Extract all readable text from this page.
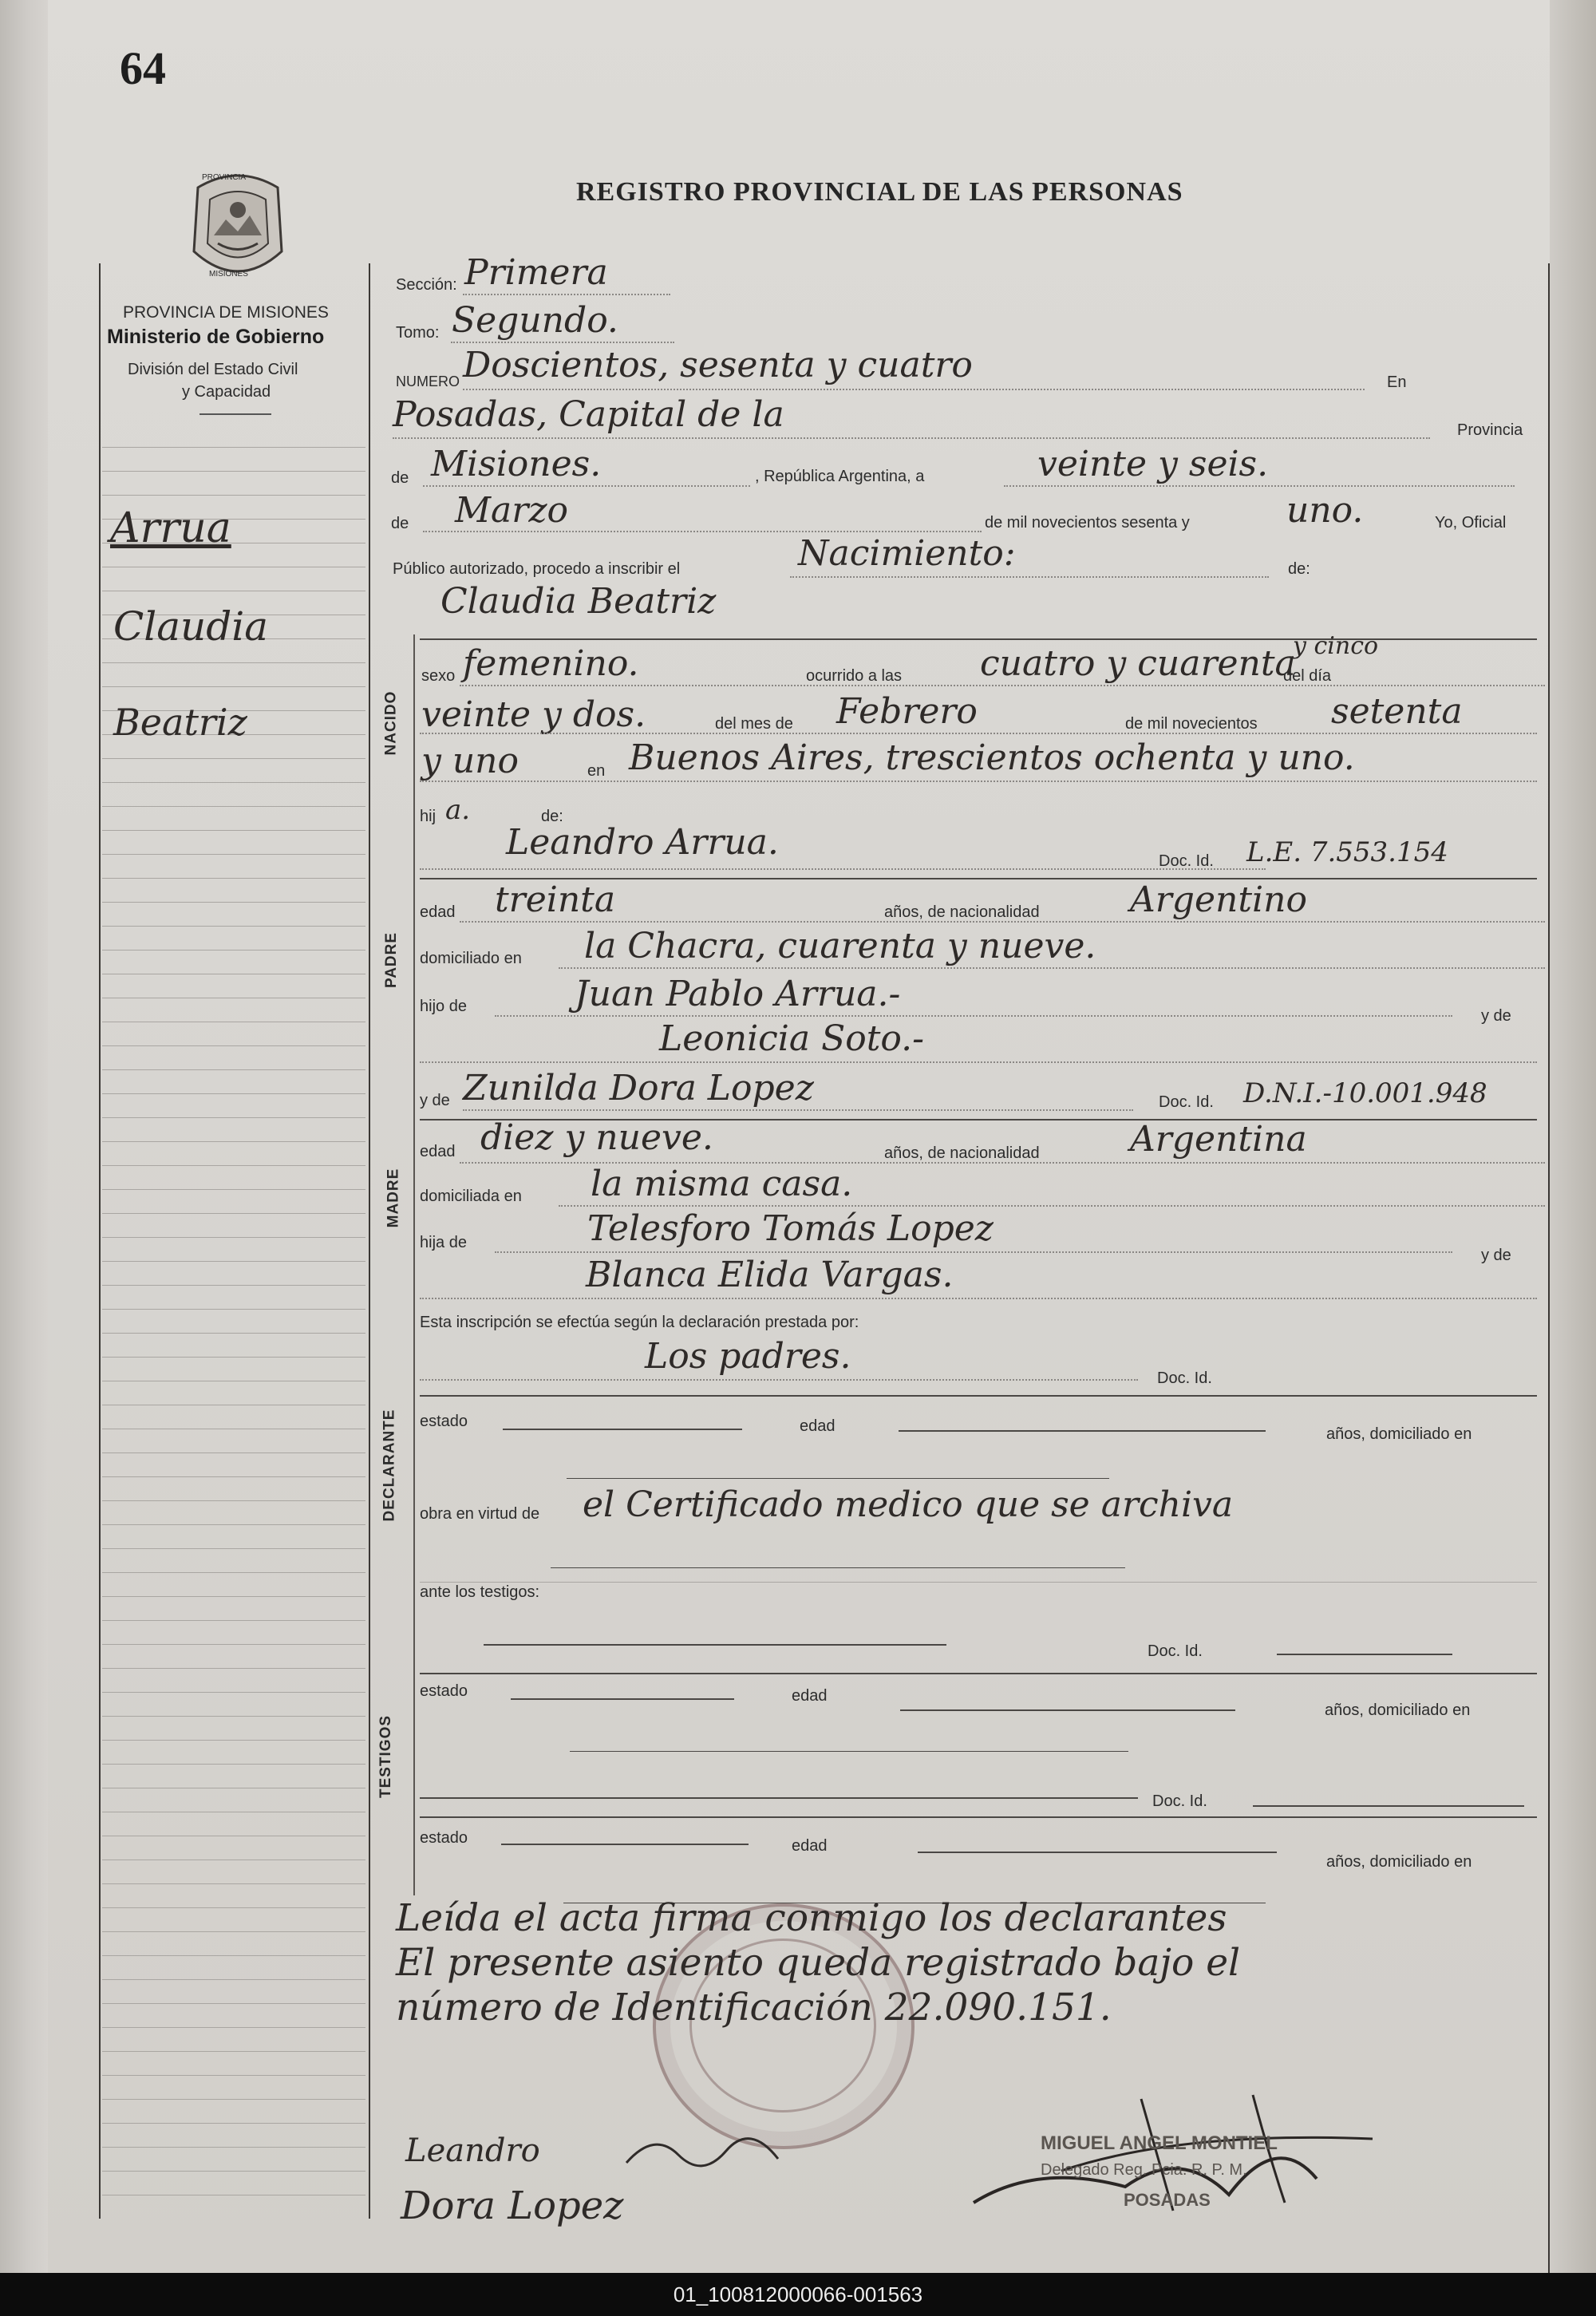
64
REGISTRO PROVINCIAL DE LAS PERSONAS
PROVINCIA
MISIONES
PROVINCIA DE MISIONES
Ministerio de Gobierno
División del Estado Civil
y Capacidad
Arrua
Claudia
Beatriz	NACIDO
PADRE
MADRE
DECLARANTE
TESTIGOS
Sección: Primera
Tomo: Segundo.
NUMERO Doscientos, sesenta y cuatro	En
Posadas, Capital de la	Provincia
de Misiones.	, República Argentina, a	veinte y seis.
de Marzo	de mil novecientos sesenta y	uno.	Yo, Oficial
Público autorizado, procedo a inscribir el	Nacimiento:	de:
Claudia Beatriz
sexo femenino.	ocurrido a las cuatro y cuarenta
y cinco
del día
veinte y dos.	del mes de Febrero	de mil novecientos setenta
y uno	en Buenos Aires, trescientos ochenta y uno.
hij a.	de:
Leandro Arrua.	Doc. Id. L.E. 7.553.154
edad treinta	años, de nacionalidad	Argentino
domiciliado en la Chacra, cuarenta y nueve.
hijo de	Juan Pablo Arrua.-
y de
Leonicia Soto.-
y de Zunilda Dora Lopez	Doc. Id. D.N.I.-10.001.948
edad diez y nueve.	años, de nacionalidad	Argentina
domiciliada en la misma casa.
hija de	Telesforo Tomás Lopez
y de
Blanca Elida Vargas.
Esta inscripción se efectúa según la declaración prestada por:
Los padres.
Doc. Id.
estado	edad	años, domiciliado en
obra en virtud de el Certificado medico que se archiva
ante los testigos:
Doc. Id.
estado	edad
años, domiciliado en
Doc. Id.
estado	edad
años, domiciliado en
Leída el acta firma conmigo los declarantes
El presente asiento queda registrado bajo el
número de Identificación 22.090.151.
Leandro
Dora Lopez
MIGUEL ANGEL MONTIEL
Delegado Reg. Pcia. R. P. M.
POSADAS
01_100812000066-001563
